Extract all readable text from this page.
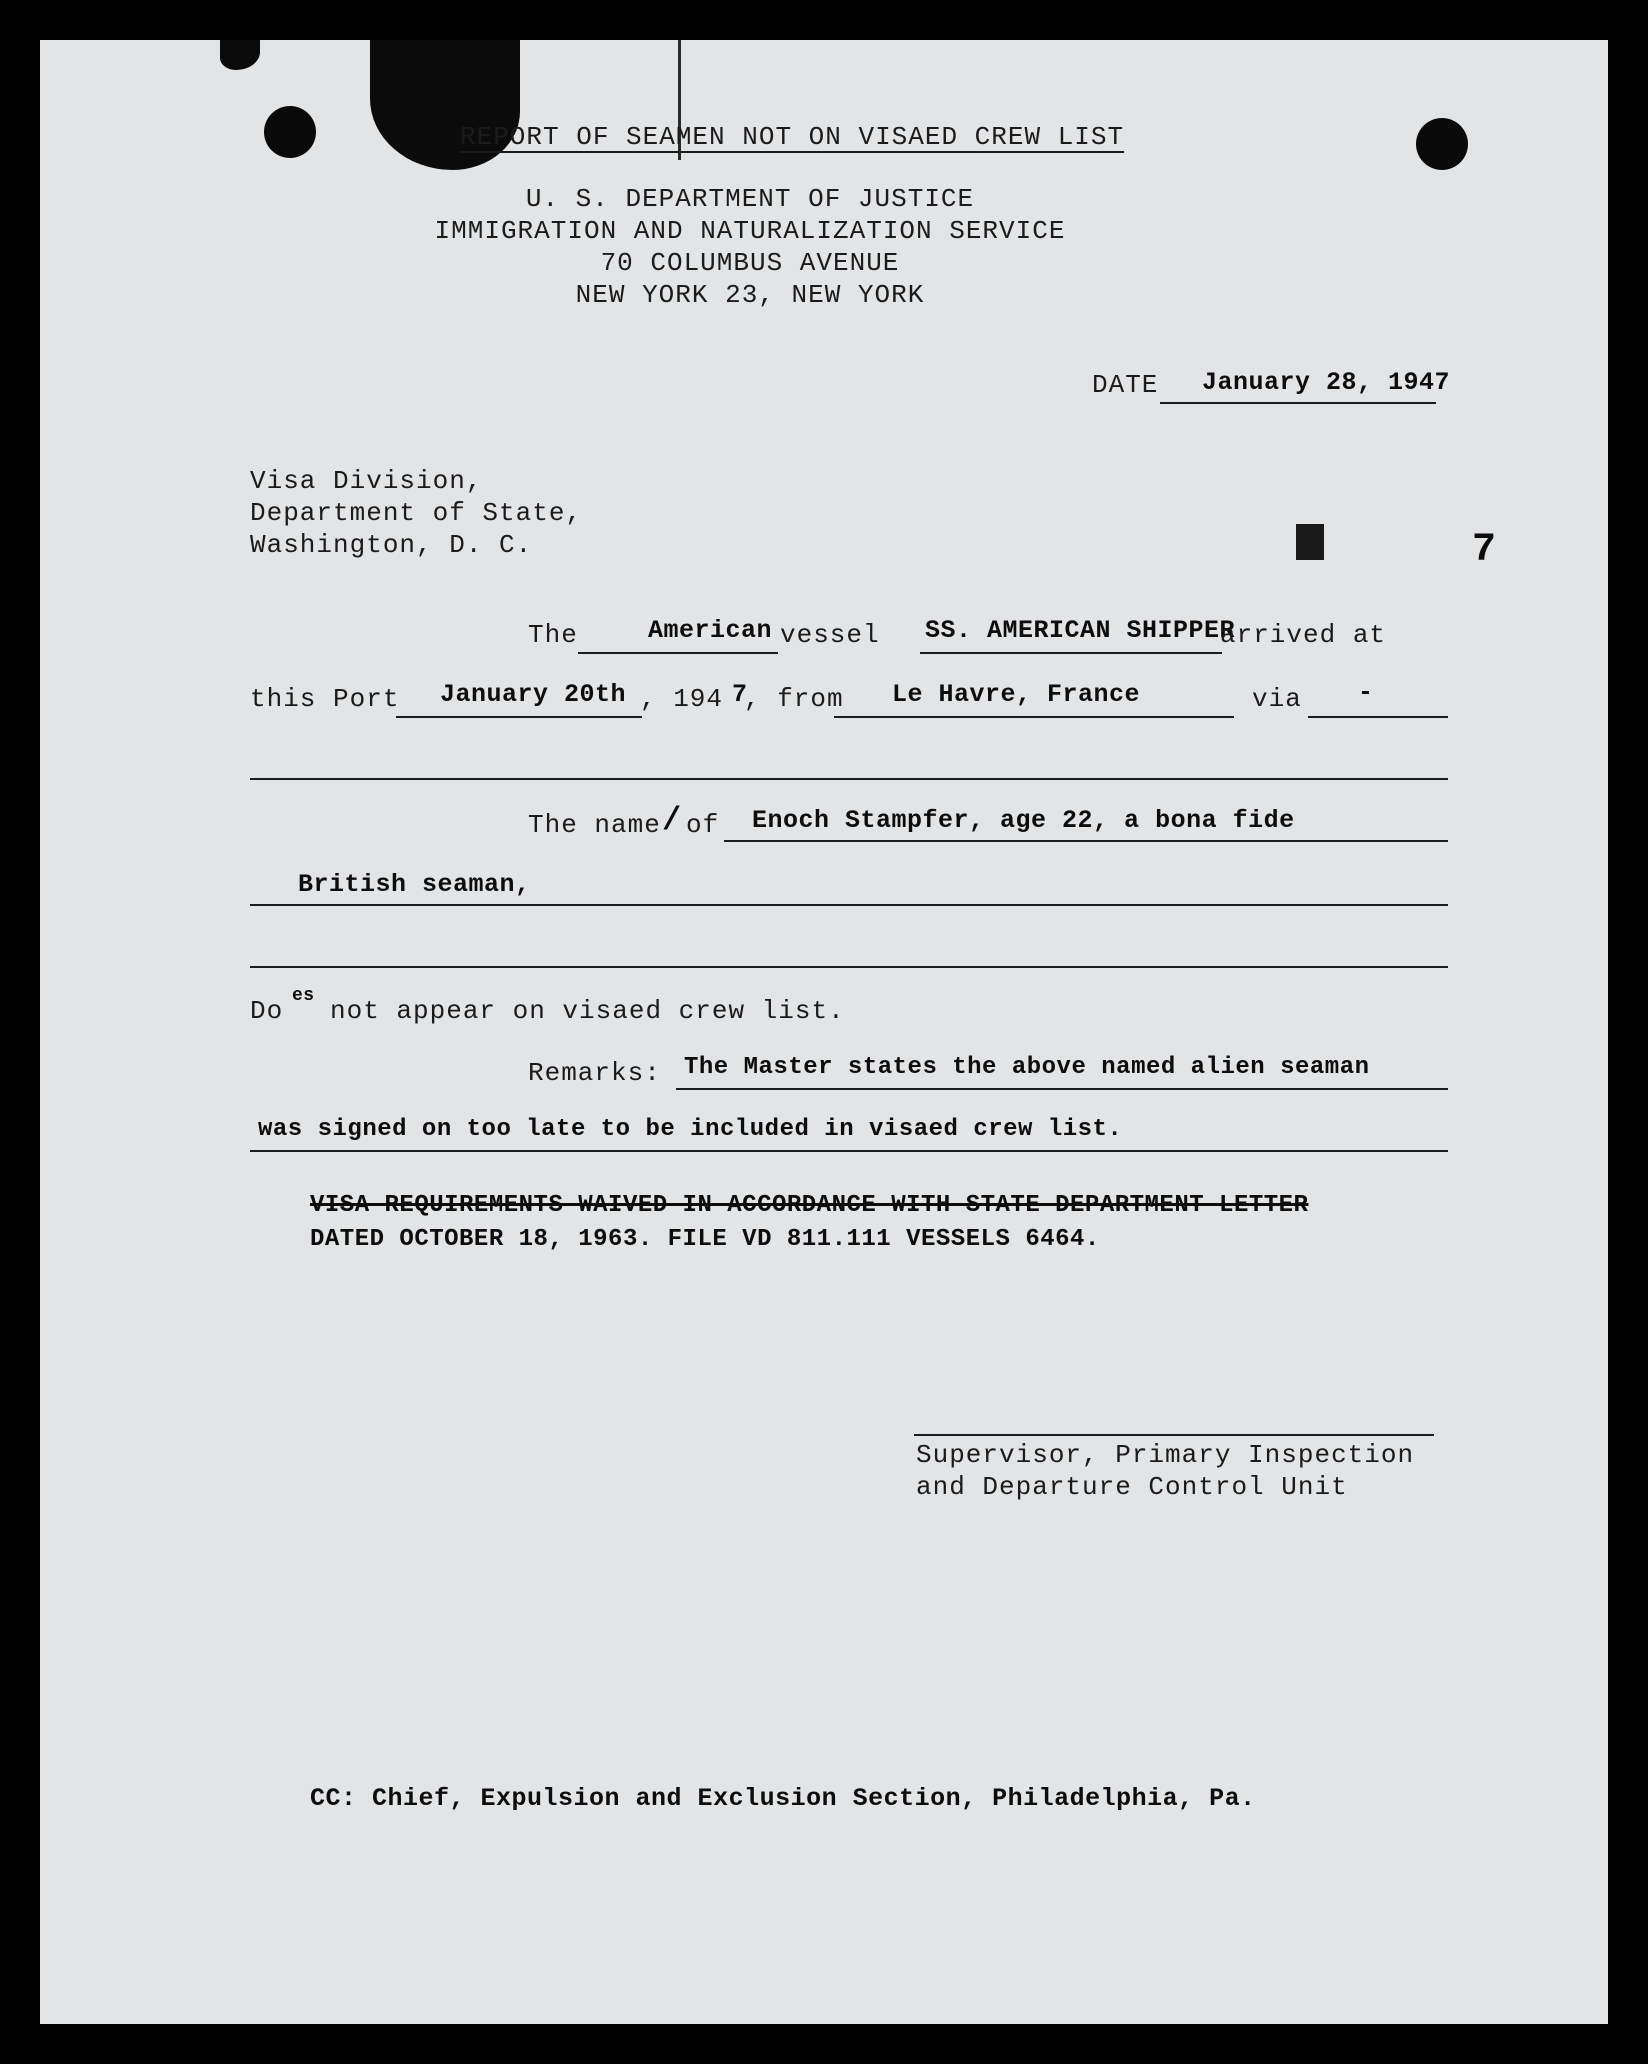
REPORT OF SEAMEN NOT ON VISAED CREW LIST
U. S. DEPARTMENT OF JUSTICE
IMMIGRATION AND NATURALIZATION SERVICE
70 COLUMBUS AVENUE
NEW YORK 23, NEW YORK
DATE January 28, 1947
Visa Division,
Department of State,
Washington, D. C.	7
The	American vessel SS. AMERICAN SHIPPER
arrived at
this Port January 20th , 194 7
, from Le Havre, France	via -
The name / of Enoch Stampfer, age 22, a bona fide
British seaman,
Do es not appear on visaed crew list.
Remarks: The Master states the above named alien seaman
was signed on too late to be included in visaed crew list.
VISA REQUIREMENTS WAIVED IN ACCORDANCE WITH STATE DEPARTMENT LETTER
DATED OCTOBER 18, 1963. FILE VD 811.111 VESSELS 6464.
Supervisor, Primary Inspection
and Departure Control Unit
CC: Chief, Expulsion and Exclusion Section, Philadelphia, Pa.
